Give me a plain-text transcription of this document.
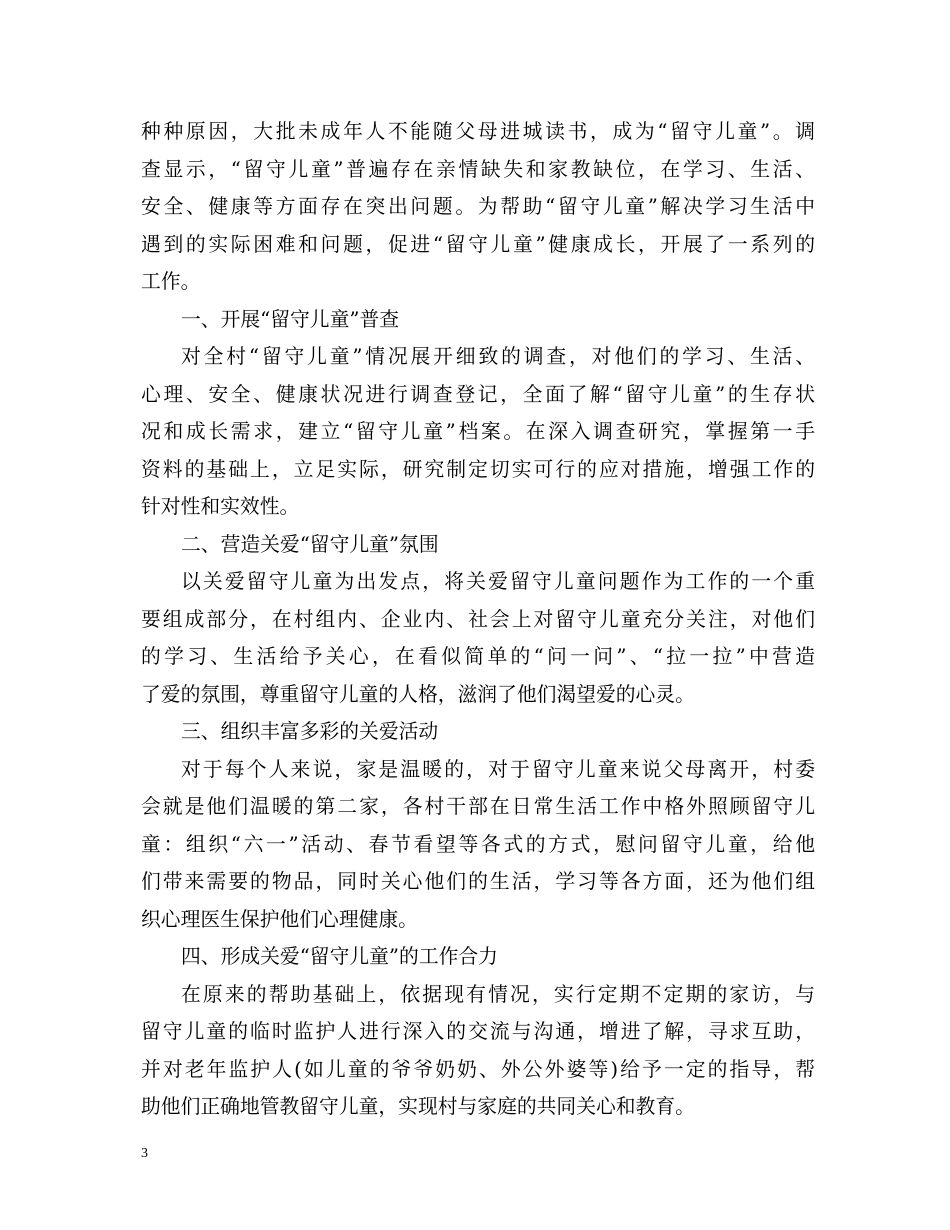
种种原因，大批未成年人不能随父母进城读书，成为“留守儿童”。调
查显示，“留守儿童”普遍存在亲情缺失和家教缺位，在学习、生活、
安全、健康等方面存在突出问题。为帮助“留守儿童”解决学习生活中
遇到的实际困难和问题，促进“留守儿童”健康成长，开展了一系列的
工作。
一、开展“留守儿童”普查
对全村“留守儿童”情况展开细致的调查，对他们的学习、生活、
心理、安全、健康状况进行调查登记，全面了解“留守儿童”的生存状
况和成长需求，建立“留守儿童”档案。在深入调查研究，掌握第一手
资料的基础上，立足实际，研究制定切实可行的应对措施，增强工作的
针对性和实效性。
二、营造关爱“留守儿童”氛围
以关爱留守儿童为出发点，将关爱留守儿童问题作为工作的一个重
要组成部分，在村组内、企业内、社会上对留守儿童充分关注，对他们
的学习、生活给予关心，在看似简单的“问一问”、“拉一拉”中营造
了爱的氛围，尊重留守儿童的人格，滋润了他们渴望爱的心灵。
三、组织丰富多彩的关爱活动
对于每个人来说，家是温暖的，对于留守儿童来说父母离开，村委
会就是他们温暖的第二家，各村干部在日常生活工作中格外照顾留守儿
童：组织“六一”活动、春节看望等各式的方式，慰问留守儿童，给他
们带来需要的物品，同时关心他们的生活，学习等各方面，还为他们组
织心理医生保护他们心理健康。
四、形成关爱“留守儿童”的工作合力
在原来的帮助基础上，依据现有情况，实行定期不定期的家访，与
留守儿童的临时监护人进行深入的交流与沟通，增进了解，寻求互助，
并对老年监护人(如儿童的爷爷奶奶、外公外婆等)给予一定的指导，帮
助他们正确地管教留守儿童，实现村与家庭的共同关心和教育。
3
